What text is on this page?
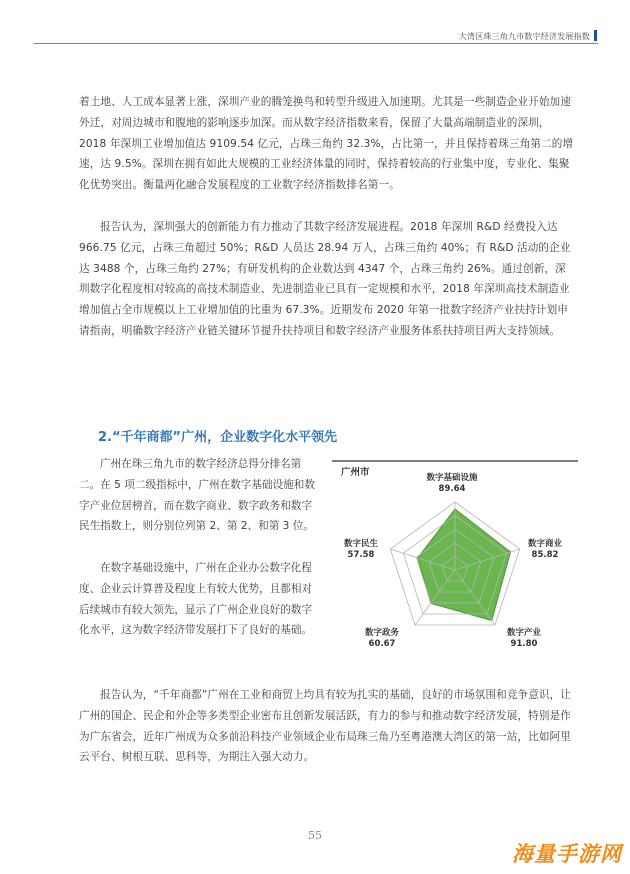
大湾区珠三角九市数字经济发展指数

着土地、人工成本显著上涨，深圳产业的腾笼换鸟和转型升级进入加速期。尤其是一些制造企业开始加速外迁，对周边城市和腹地的影响逐步加深。而从数字经济指数来看，保留了大量高端制造业的深圳，2018 年深圳工业增加值达 9109.54 亿元，占珠三角约 32.3%，占比第一，并且保持着珠三角第二的增速，达 9.5%。深圳在拥有如此大规模的工业经济体量的同时，保持着较高的行业集中度，专业化、集聚化优势突出。衡量两化融合发展程度的工业数字经济指数排名第一。

报告认为，深圳强大的创新能力有力推动了其数字经济发展进程。2018 年深圳 R&D 经费投入达 966.75 亿元，占珠三角超过 50%；R&D 人员达 28.94 万人，占珠三角约 40%；有 R&D 活动的企业达 3488 个，占珠三角约 27%；有研发机构的企业数达到 4347 个，占珠三角约 26%。通过创新，深圳数字化程度相对较高的高技术制造业、先进制造业已具有一定规模和水平，2018 年深圳高技术制造业增加值占全市规模以上工业增加值的比重为 67.3%。近期发布 2020 年第一批数字经济产业扶持计划申请指南，明确数字经济产业链关键环节提升扶持项目和数字经济产业服务体系扶持项目两大支持领域。

2.“千年商都”广州，企业数字化水平领先

广州在珠三角九市的数字经济总得分排名第二。在 5 项二级指标中，广州在数字基础设施和数字产业位居榜首，而在数字商业、数字政务和数字民生指数上，则分别位列第 2、第 2、和第 3 位。

在数字基础设施中，广州在企业办公数字化程度、企业云计算普及程度上有较大优势，且都相对后续城市有较大领先，显示了广州企业良好的数字化水平，这为数字经济带发展打下了良好的基础。

广州市	数字基础设施
89.64
数字商业
85.82
数字产业
91.80
数字政务
60.67
数字民生
57.58

报告认为，“千年商都”广州在工业和商贸上均具有较为扎实的基础，良好的市场氛围和竞争意识，让广州的国企、民企和外企等多类型企业密布且创新发展活跃，有力的参与和推动数字经济发展，特别是作为广东省会，近年广州成为众多前沿科技产业领域企业布局珠三角乃至粤港澳大湾区的第一站，比如阿里云平台、树根互联、思科等，为期注入强大动力。

55
海量手游网
